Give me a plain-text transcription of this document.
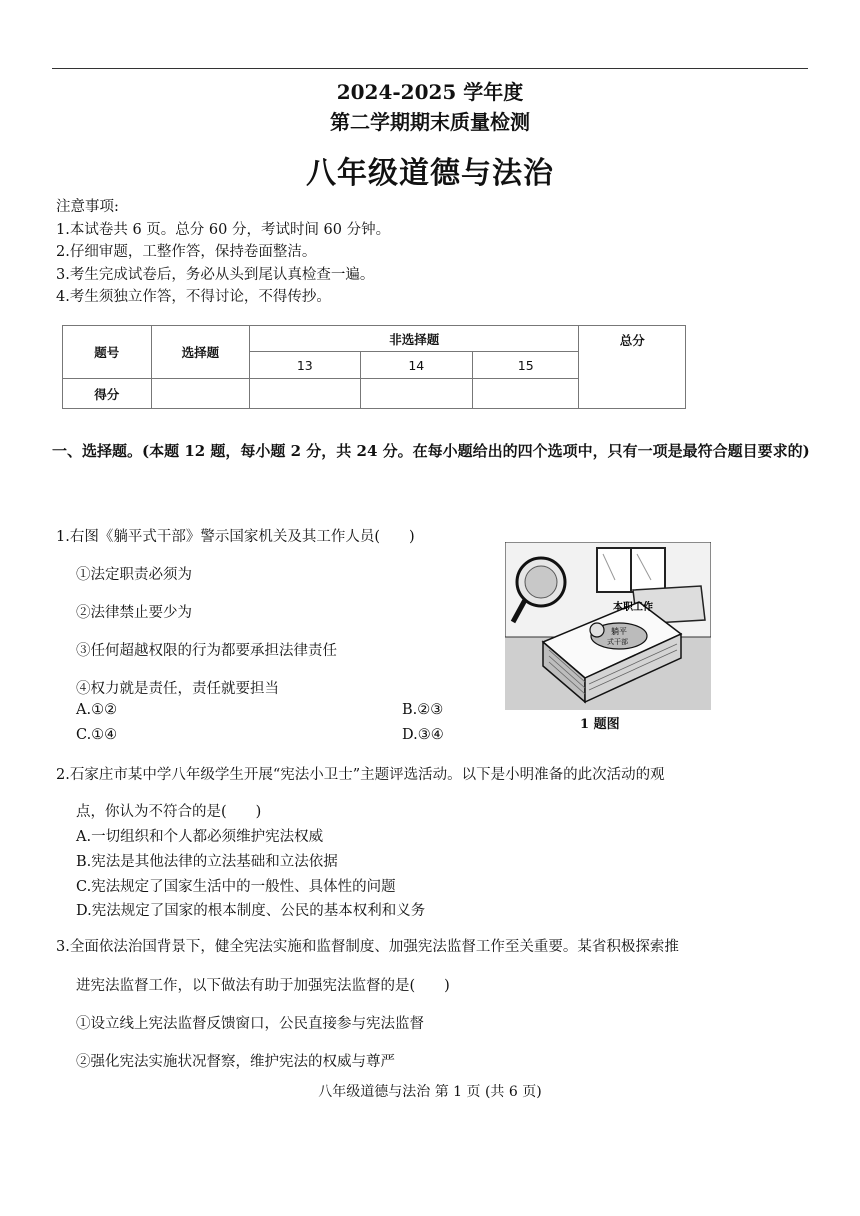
2024-2025 学年度
第二学期期末质量检测
八年级道德与法治
注意事项:
1.本试卷共 6 页。总分 60 分，考试时间 60 分钟。
2.仔细审题，工整作答，保持卷面整洁。
3.考生完成试卷后，务必从头到尾认真检查一遍。
4.考生须独立作答，不得讨论，不得传抄。
题号	选择题	非选择题			总分
		13	14	15	
得分					
一、选择题。(本题 12 题，每小题 2 分，共 24 分。在每小题给出的四个选项中，只有一项是最符合题目要求的)
1.右图《躺平式干部》警示国家机关及其工作人员(　　)
①法定职责必须为
②法律禁止要少为
③任何超越权限的行为都要承担法律责任
④权力就是责任，责任就要担当
A.①②	B.②③
C.①④	D.③④
本职工作
躺平
式干部
1 题图
2.石家庄市某中学八年级学生开展“宪法小卫士”主题评选活动。以下是小明准备的此次活动的观
点，你认为不符合的是(　　)
A.一切组织和个人都必须维护宪法权威
B.宪法是其他法律的立法基础和立法依据
C.宪法规定了国家生活中的一般性、具体性的问题
D.宪法规定了国家的根本制度、公民的基本权利和义务
3.全面依法治国背景下，健全宪法实施和监督制度、加强宪法监督工作至关重要。某省积极探索推
进宪法监督工作，以下做法有助于加强宪法监督的是(　　)
①设立线上宪法监督反馈窗口，公民直接参与宪法监督
②强化宪法实施状况督察，维护宪法的权威与尊严
八年级道德与法治 第 1 页 (共 6 页)
